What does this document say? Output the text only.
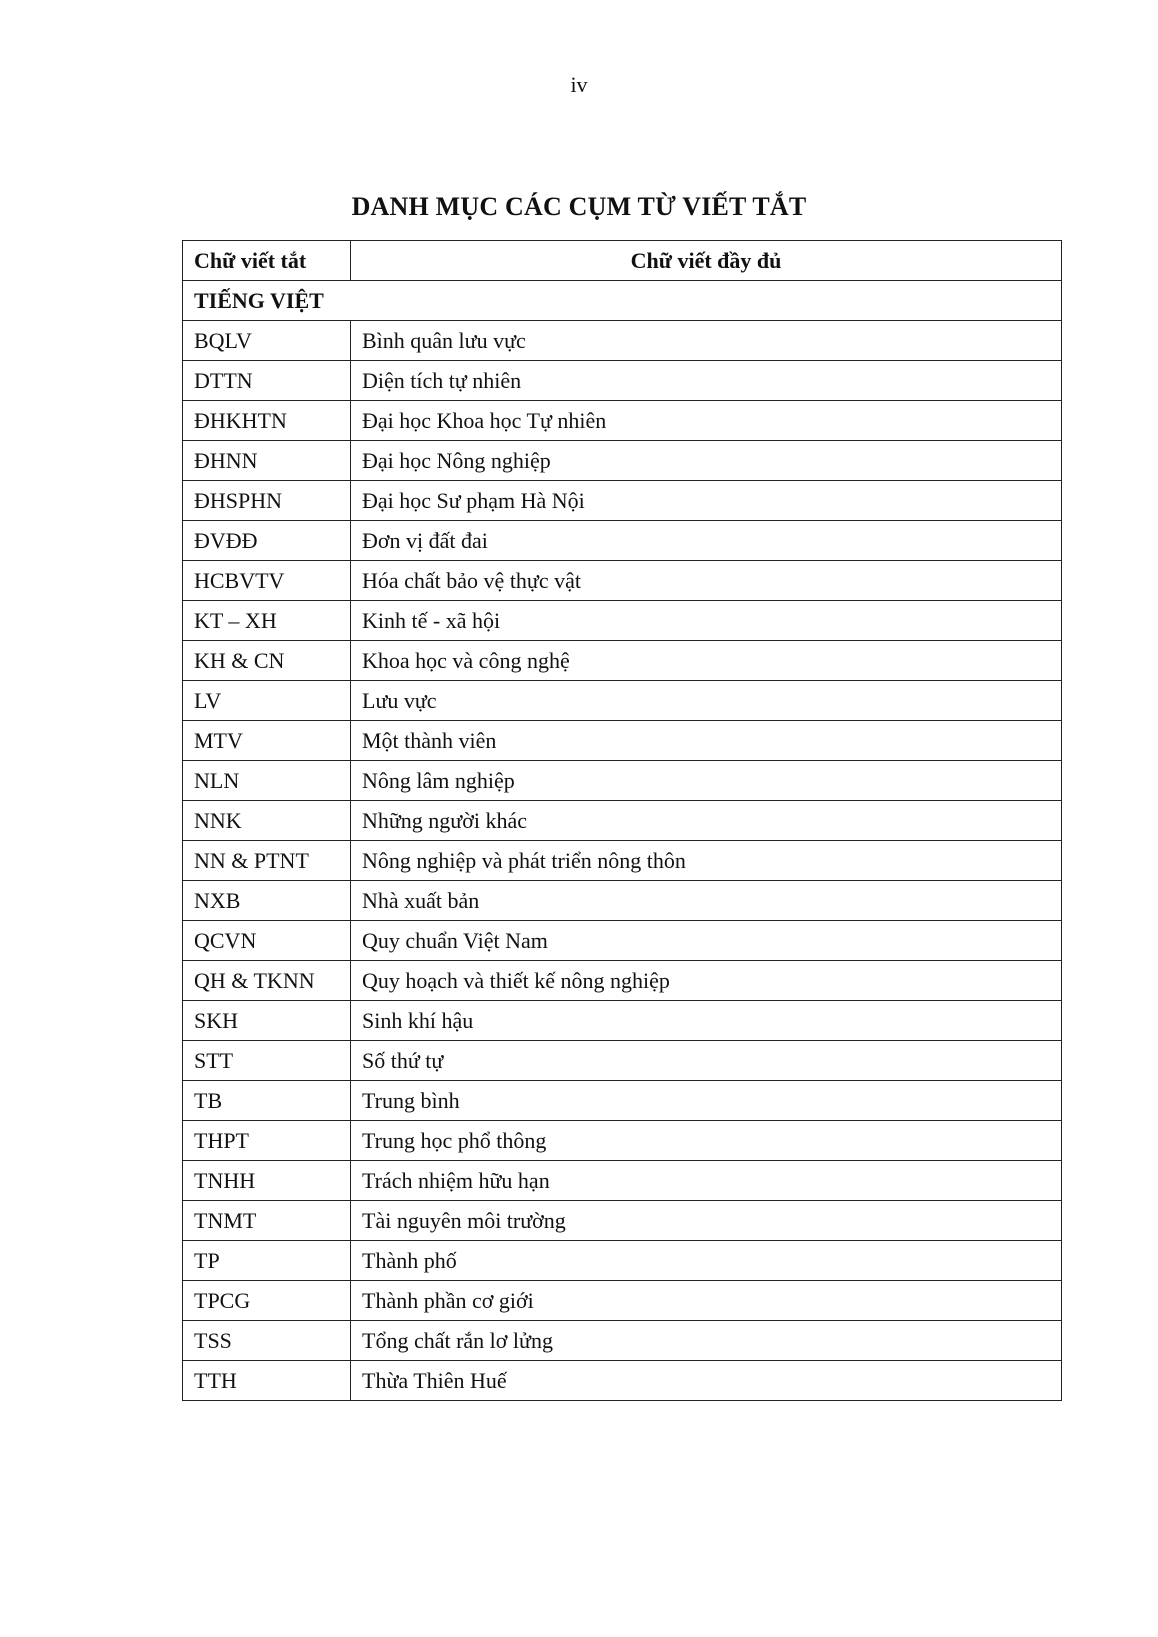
iv
DANH MỤC CÁC CỤM TỪ VIẾT TẮT
Chữ viết tắt	Chữ viết đầy đủ
TIẾNG VIỆT	
BQLV	Bình quân lưu vực
DTTN	Diện tích tự nhiên
ĐHKHTN	Đại học Khoa học Tự nhiên
ĐHNN	Đại học Nông nghiệp
ĐHSPHN	Đại học Sư phạm Hà Nội
ĐVĐĐ	Đơn vị đất đai
HCBVTV	Hóa chất bảo vệ thực vật
KT – XH	Kinh tế - xã hội
KH & CN	Khoa học và công nghệ
LV	Lưu vực
MTV	Một thành viên
NLN	Nông lâm nghiệp
NNK	Những người khác
NN & PTNT	Nông nghiệp và phát triển nông thôn
NXB	Nhà xuất bản
QCVN	Quy chuẩn Việt Nam
QH & TKNN	Quy hoạch và thiết kế nông nghiệp
SKH	Sinh khí hậu
STT	Số thứ tự
TB	Trung bình
THPT	Trung học phổ thông
TNHH	Trách nhiệm hữu hạn
TNMT	Tài nguyên môi trường
TP	Thành phố
TPCG	Thành phần cơ giới
TSS	Tổng chất rắn lơ lửng
TTH	Thừa Thiên Huế
